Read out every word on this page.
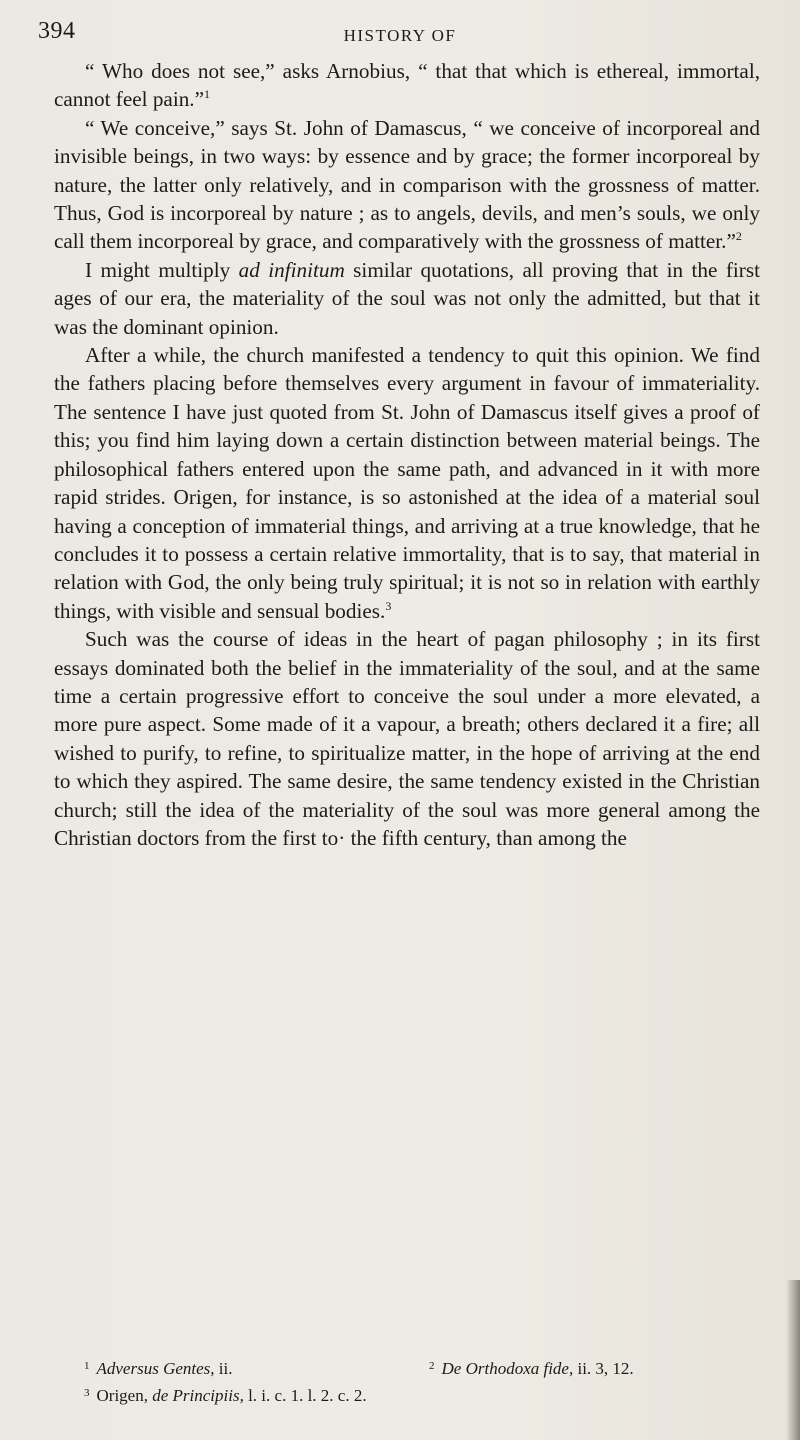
394	HISTORY OF

“ Who does not see,” asks Arnobius, “ that that which is ethereal, immortal, cannot feel pain.”$^1$

“ We conceive,” says St. John of Damascus, “ we conceive of incorporeal and invisible beings, in two ways: by essence and by grace; the former incorporeal by nature, the latter only relatively, and in comparison with the grossness of matter. Thus, God is incorporeal by nature ; as to angels, devils, and men’s souls, we only call them incorporeal by grace, and comparatively with the grossness of matter.”$^2$

I might multiply ad infinitum similar quotations, all proving that in the first ages of our era, the materiality of the soul was not only the admitted, but that it was the dominant opinion.

After a while, the church manifested a tendency to quit this opinion. We find the fathers placing before themselves every argument in favour of immateriality. The sentence I have just quoted from St. John of Damascus itself gives a proof of this; you find him laying down a certain distinction between material beings. The philosophical fathers entered upon the same path, and advanced in it with more rapid strides. Origen, for instance, is so astonished at the idea of a material soul having a conception of immaterial things, and arriving at a true knowledge, that he concludes it to possess a certain relative immortality, that is to say, that material in relation with God, the only being truly spiritual; it is not so in relation with earthly things, with visible and sensual bodies.$^3$

Such was the course of ideas in the heart of pagan philosophy ; in its first essays dominated both the belief in the immateriality of the soul, and at the same time a certain progressive effort to conceive the soul under a more elevated, a more pure aspect. Some made of it a vapour, a breath; others declared it a fire; all wished to purify, to refine, to spiritualize matter, in the hope of arriving at the end to which they aspired. The same desire, the same tendency existed in the Christian church; still the idea of the materiality of the soul was more general among the Christian doctors from the first to· the fifth century, than among the

$^1$ Adversus Gentes, ii.	$^2$ De Orthodoxa fide, ii. 3, 12.
$^3$ Origen, de Principiis, l. i. c. 1. l. 2. c. 2.
